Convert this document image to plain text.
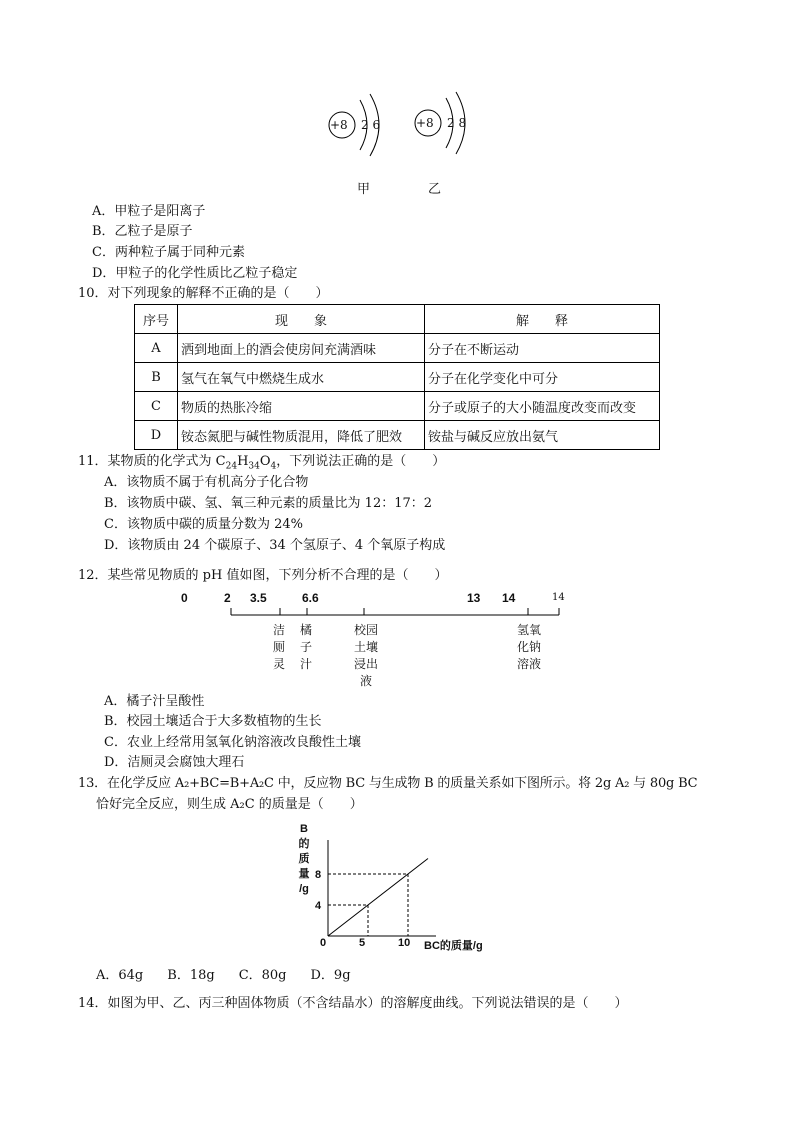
+8 2 6	+8 2 8
甲	乙
A．甲粒子是阳离子
B．乙粒子是原子
C．两种粒子属于同种元素
D．甲粒子的化学性质比乙粒子稳定
10．对下列现象的解释不正确的是（　　）
序号	现　　象	解　　释
A	洒到地面上的酒会使房间充满酒味	分子在不断运动
B	氢气在氧气中燃烧生成水	分子在化学变化中可分
C	物质的热胀冷缩	分子或原子的大小随温度改变而改变
D	铵态氮肥与碱性物质混用，降低了肥效	铵盐与碱反应放出氨气
11．某物质的化学式为 $C_{24}H_{34}O_4$，下列说法正确的是（　　）
A．该物质不属于有机高分子化合物
B．该物质中碳、氢、氧三种元素的质量比为 12：17：2
C．该物质中碳的质量分数为 24%
D．该物质由 24 个碳原子、34 个氢原子、4 个氧原子构成
12．某些常见物质的 pH 值如图，下列分析不合理的是（　　）
0	2 3.5	6.6	13 14	14
洁厕灵
橘子汁
校园土壤浸出液
氢氧化钠溶液
A．橘子汁呈酸性
B．校园土壤适合于大多数植物的生长
C．农业上经常用氢氧化钠溶液改良酸性土壤
D．洁厕灵会腐蚀大理石
13．在化学反应 A₂+BC=B+A₂C 中，反应物 BC 与生成物 B 的质量关系如下图所示。将 2g A₂ 与 80g BC
恰好完全反应，则生成 A₂C 的质量是（　　）
B
的
质
量
/g
0	5	10
4
8
BC的质量/g
A．64g B．18g C．80g D．9g
14．如图为甲、乙、丙三种固体物质（不含结晶水）的溶解度曲线。下列说法错误的是（　　）
